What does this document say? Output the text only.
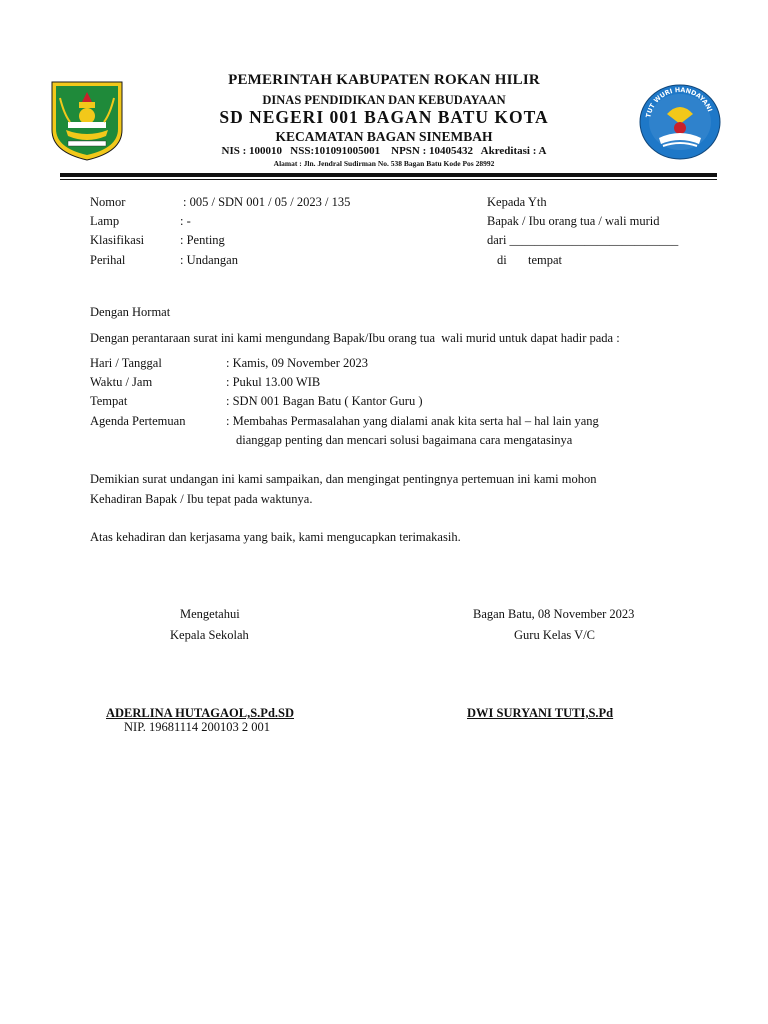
TUT WURI HANDAYANI
PEMERINTAH KABUPATEN ROKAN HILIR
DINAS PENDIDIKAN DAN KEBUDAYAAN
SD NEGERI 001 BAGAN BATU KOTA
KECAMATAN BAGAN SINEMBAH
NIS : 100010   NSS:101091005001    NPSN : 10405432   Akreditasi : A
Alamat : Jln. Jendral Sudirman No. 538 Bagan Batu Kode Pos 28992
Nomor	: 005 / SDN 001 / 05 / 2023 / 135
Lamp	: -
Klasifikasi	: Penting
Perihal	: Undangan
Kepada Yth
Bapak / Ibu orang tua / wali murid
dari ___________________________
di tempat
Dengan Hormat
Dengan perantaraan surat ini kami mengundang Bapak/Ibu orang tua  wali murid untuk dapat hadir pada :
Hari / Tanggal	: Kamis, 09 November 2023
Waktu / Jam	: Pukul 13.00 WIB
Tempat	: SDN 001 Bagan Batu ( Kantor Guru )
Agenda Pertemuan	: Membahas Permasalahan yang dialami anak kita serta hal – hal lain yang
dianggap penting dan mencari solusi bagaimana cara mengatasinya
Demikian surat undangan ini kami sampaikan, dan mengingat pentingnya pertemuan ini kami mohon
Kehadiran Bapak / Ibu tepat pada waktunya.
Atas kehadiran dan kerjasama yang baik, kami mengucapkan terimakasih.
Mengetahui
Kepala Sekolah
ADERLINA HUTAGAOL,S.Pd.SD
NIP. 19681114 200103 2 001
Bagan Batu, 08 November 2023
Guru Kelas V/C
DWI SURYANI TUTI,S.Pd
